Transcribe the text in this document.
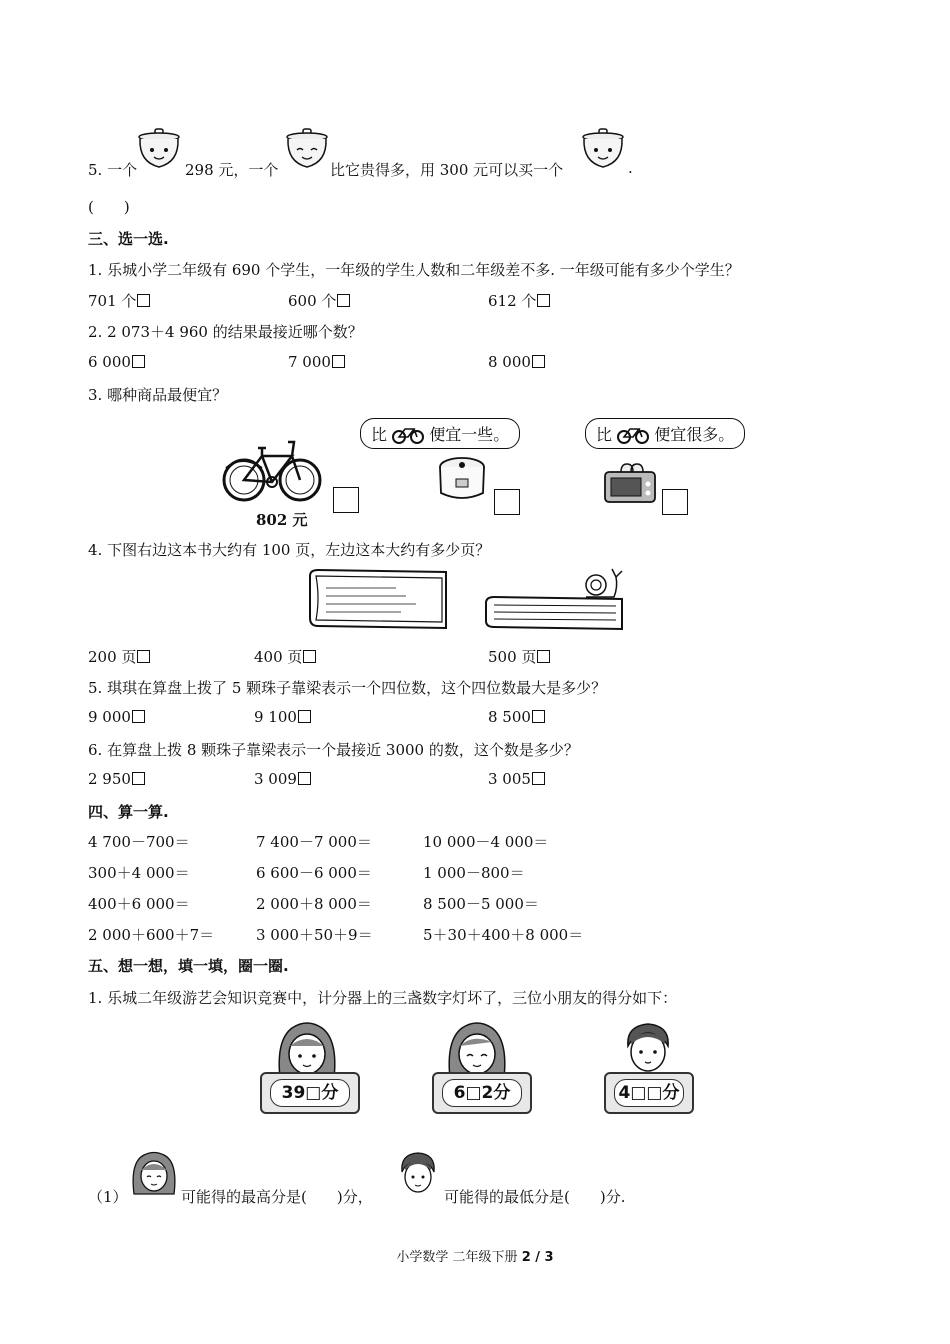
5. 一个	298 元，一个	比它贵得多，用 300 元可以买一个	.
(　　)
三、选一选.
1. 乐城小学二年级有 690 个学生，一年级的学生人数和二年级差不多. 一年级可能有多少个学生？
701 个	600 个	612 个
2. 2 073＋4 960 的结果最接近哪个数？
6 000	7 000	8 000
3. 哪种商品最便宜？
802 元
比	便宜一些。	比	便宜很多。
4. 下图右边这本书大约有 100 页，左边这本大约有多少页？
200 页	400 页	500 页
5. 琪琪在算盘上拨了 5 颗珠子靠梁表示一个四位数，这个四位数最大是多少？
9 000	9 100	8 500
6. 在算盘上拨 8 颗珠子靠梁表示一个最接近 3000 的数，这个数是多少？
2 950	3 009	3 005
四、算一算.
4 700－700＝	7 400－7 000＝	10 000－4 000＝
300＋4 000＝	6 600－6 000＝	1 000－800＝
400＋6 000＝	2 000＋8 000＝	8 500－5 000＝
2 000＋600＋7＝	3 000＋50＋9＝	5＋30＋400＋8 000＝
五、想一想，填一填，圈一圈.
1. 乐城二年级游艺会知识竞赛中，计分器上的三盏数字灯坏了，三位小朋友的得分如下：
39□分	6□2分	4□□分
（1）	可能得的最高分是(　　)分，	可能得的最低分是(　　)分.
小学数学 二年级下册 2 / 3
